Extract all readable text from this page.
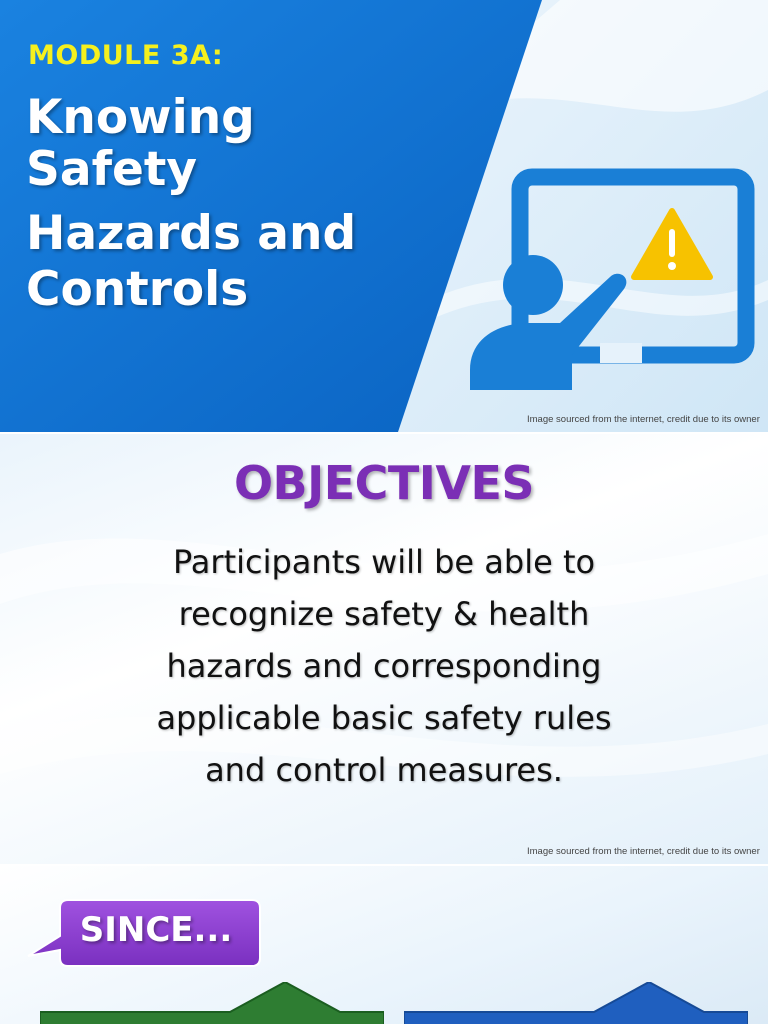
MODULE 3A:
Knowing
Safety
Hazards and
Controls
Image sourced from the internet, credit due to its owner
OBJECTIVES
Participants will be able to
recognize safety & health
hazards and corresponding
applicable basic safety rules
and control measures.
Image sourced from the internet, credit due to its owner
SINCE...
